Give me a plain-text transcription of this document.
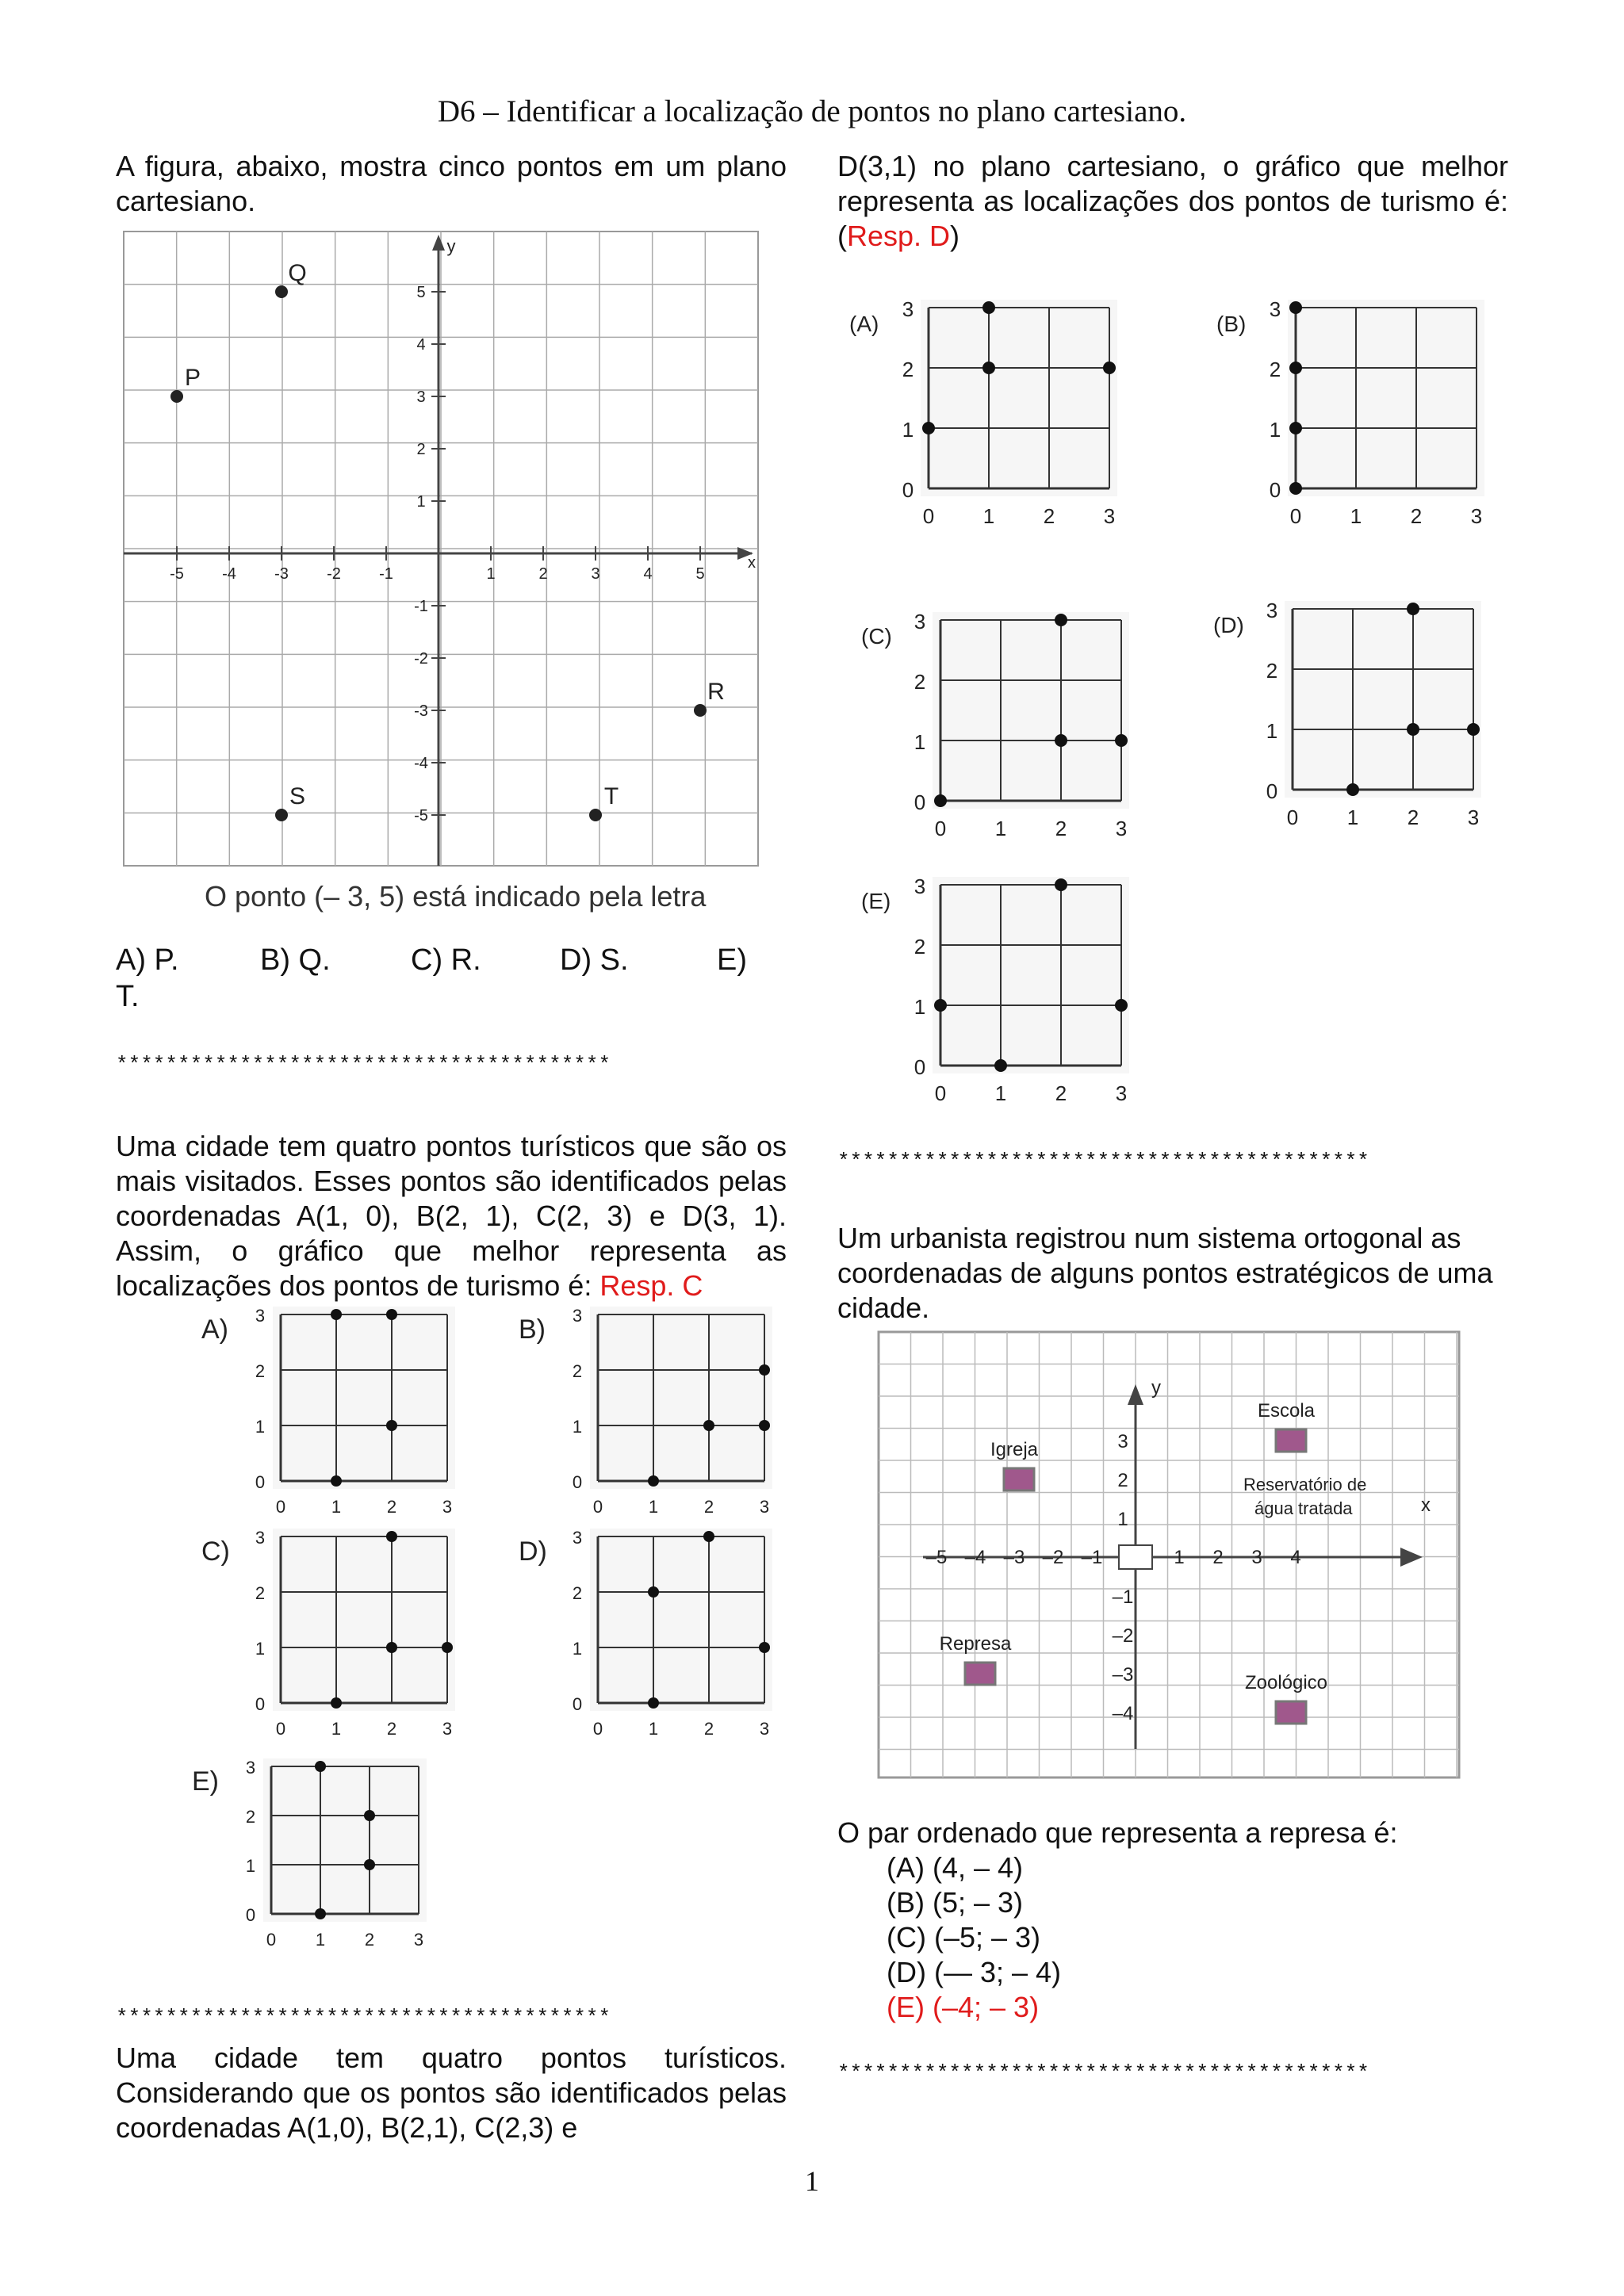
D6 – Identificar a localização de pontos no plano cartesiano.
A figura, abaixo, mostra cinco pontos em um plano cartesiano.
x
y
-5 -4 -3 -2 -1	1	2	3	4	5
5
4
3
2
1
-1
-2
-3
-4
-5
P
Q
R
S	T
O ponto (– 3, 5) está indicado pela letra
A) P.	B) Q.	C) R.	D) S.	E)
T.
****************************************
Uma cidade tem quatro pontos turísticos que são os mais visitados. Esses pontos são identificados pelas coordenadas A(1, 0), B(2, 1), C(2, 3) e D(3, 1). Assim, o gráfico que melhor representa as localizações dos pontos de turismo é: Resp. C
0
0
1
1
2
2
3
3
A)
0
0
1
1
2
2
3
3
B)
0
0
1
1
2
2
3
3
C)
0
0
1
1
2
2
3
3
D)
0
0
1
1
2
2
3
3
E)
****************************************
Uma cidade tem quatro pontos turísticos. Considerando que os pontos são identificados pelas coordenadas A(1,0), B(2,1), C(2,3) e
D(3,1) no plano cartesiano, o gráfico que melhor representa as localizações dos pontos de turismo é: (Resp. D)
0
0
1
1
2
2
3
3
(A)
0
0
1
1
2
2
3
3
(B)
0
0
1
1
2
2
3
3
(C)
0
0
1
1
2
2
3
3
(D)
0
0
1
1
2
2
3
3
(E)
*******************************************
Um urbanista registrou num sistema ortogonal as coordenadas de alguns pontos estratégicos de uma cidade.
x
y
–5 –4 –3 –2 –1	1 2 3 4
3
2
1
–1
–2
–3
–4
Igreja
Escola
Represa
Zoológico
Reservatório de
água tratada
O par ordenado que representa a represa é:
(A) (4, – 4)
(B) (5; – 3)
(C) (–5; – 3)
(D) (— 3; – 4)
(E) (–4; – 3)
*******************************************
1
